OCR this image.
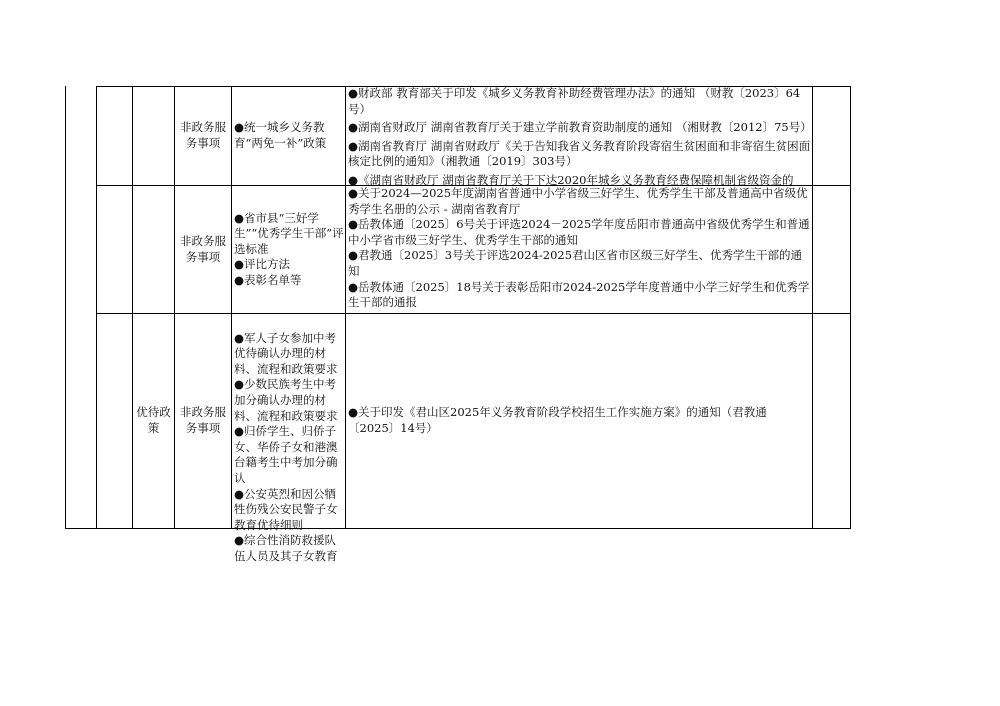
非政务服务事项
●统一城乡义务教育“两免一补”政策

●财政部 教育部关于印发《城乡义务教育补助经费管理办法》的通知 （财教〔2023〕64号）

●湖南省财政厅 湖南省教育厅关于建立学前教育资助制度的通知 （湘财教〔2012〕75号）

●湖南省教育厅 湖南省财政厅《关于告知我省义务教育阶段寄宿生贫困面和非寄宿生贫困面核定比例的通知》（湘教通〔2019〕303号）

●《湖南省财政厅 湖南省教育厅关于下达2020年城乡义务教育经费保障机制省级资金的

非政务服务事项
●省市县“三好学生”“优秀学生干部”评选标准
●评比方法
●表彰名单等

●关于2024—2025年度湖南省普通中小学省级三好学生、优秀学生干部及普通高中省级优秀学生名册的公示 - 湖南省教育厅

●岳教体通〔2025〕6号关于评选2024－2025学年度岳阳市普通高中省级优秀学生和普通中小学省市级三好学生、优秀学生干部的通知

●君教通〔2025〕3号关于评选2024-2025君山区省市区级三好学生、优秀学生干部的通知

●岳教体通〔2025〕18号关于表彰岳阳市2024-2025学年度普通中小学三好学生和优秀学生干部的通报

优待政策
非政务服务事项

●军人子女参加中考优待确认办理的材料、流程和政策要求
●少数民族考生中考加分确认办理的材料、流程和政策要求
●归侨学生、归侨子女、华侨子女和港澳台籍考生中考加分确认
●公安英烈和因公牺牲伤残公安民警子女教育优待细则
●综合性消防救援队伍人员及其子女教育

●关于印发《君山区2025年义务教育阶段学校招生工作实施方案》的通知（君教通〔2025〕14号）
